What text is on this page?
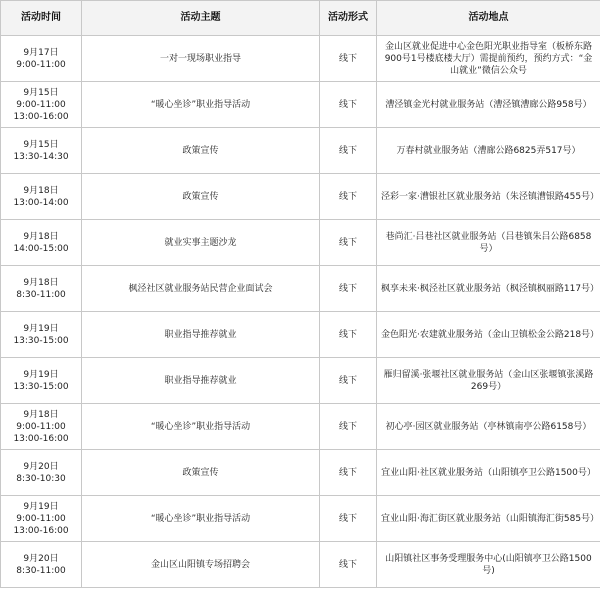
活动时间	活动主题	活动形式	活动地点

9月17日
9:00-11:00	一对一现场职业指导	线下	金山区就业促进中心金色阳光职业指导室（板桥东路900号1号楼底楼大厅）需提前预约，预约方式：“金山就业”微信公众号

9月15日
9:00-11:00
13:00-16:00	“暖心坐诊”职业指导活动	线下	漕泾镇金光村就业服务站（漕泾镇漕廊公路958号）

9月15日
13:30-14:30	政策宣传	线下	万春村就业服务站（漕廊公路6825弄517号）

9月18日
13:00-14:00	政策宣传	线下	泾彩一家·漕银社区就业服务站（朱泾镇漕银路455号）

9月18日
14:00-15:00	就业实事主题沙龙	线下	巷尚汇·吕巷社区就业服务站（吕巷镇朱吕公路6858号）

9月18日
8:30-11:00	枫泾社区就业服务站民营企业面试会	线下	枫享未来·枫泾社区就业服务站（枫泾镇枫丽路117号）

9月19日
13:30-15:00	职业指导推荐就业	线下	金色阳光·农建就业服务站（金山卫镇松金公路218号）

9月19日
13:30-15:00	职业指导推荐就业	线下	雁归留溪·张堰社区就业服务站（金山区张堰镇张溪路269号）

9月18日
9:00-11:00
13:00-16:00	“暖心坐诊”职业指导活动	线下	初心亭·园区就业服务站（亭林镇南亭公路6158号）

9月20日
8:30-10:30	政策宣传	线下	宜业山阳·社区就业服务站（山阳镇亭卫公路1500号）

9月19日
9:00-11:00
13:00-16:00	“暖心坐诊”职业指导活动	线下	宜业山阳·海汇街区就业服务站（山阳镇海汇街585号）

9月20日
8:30-11:00	金山区山阳镇专场招聘会	线下	山阳镇社区事务受理服务中心(山阳镇亭卫公路1500号)
